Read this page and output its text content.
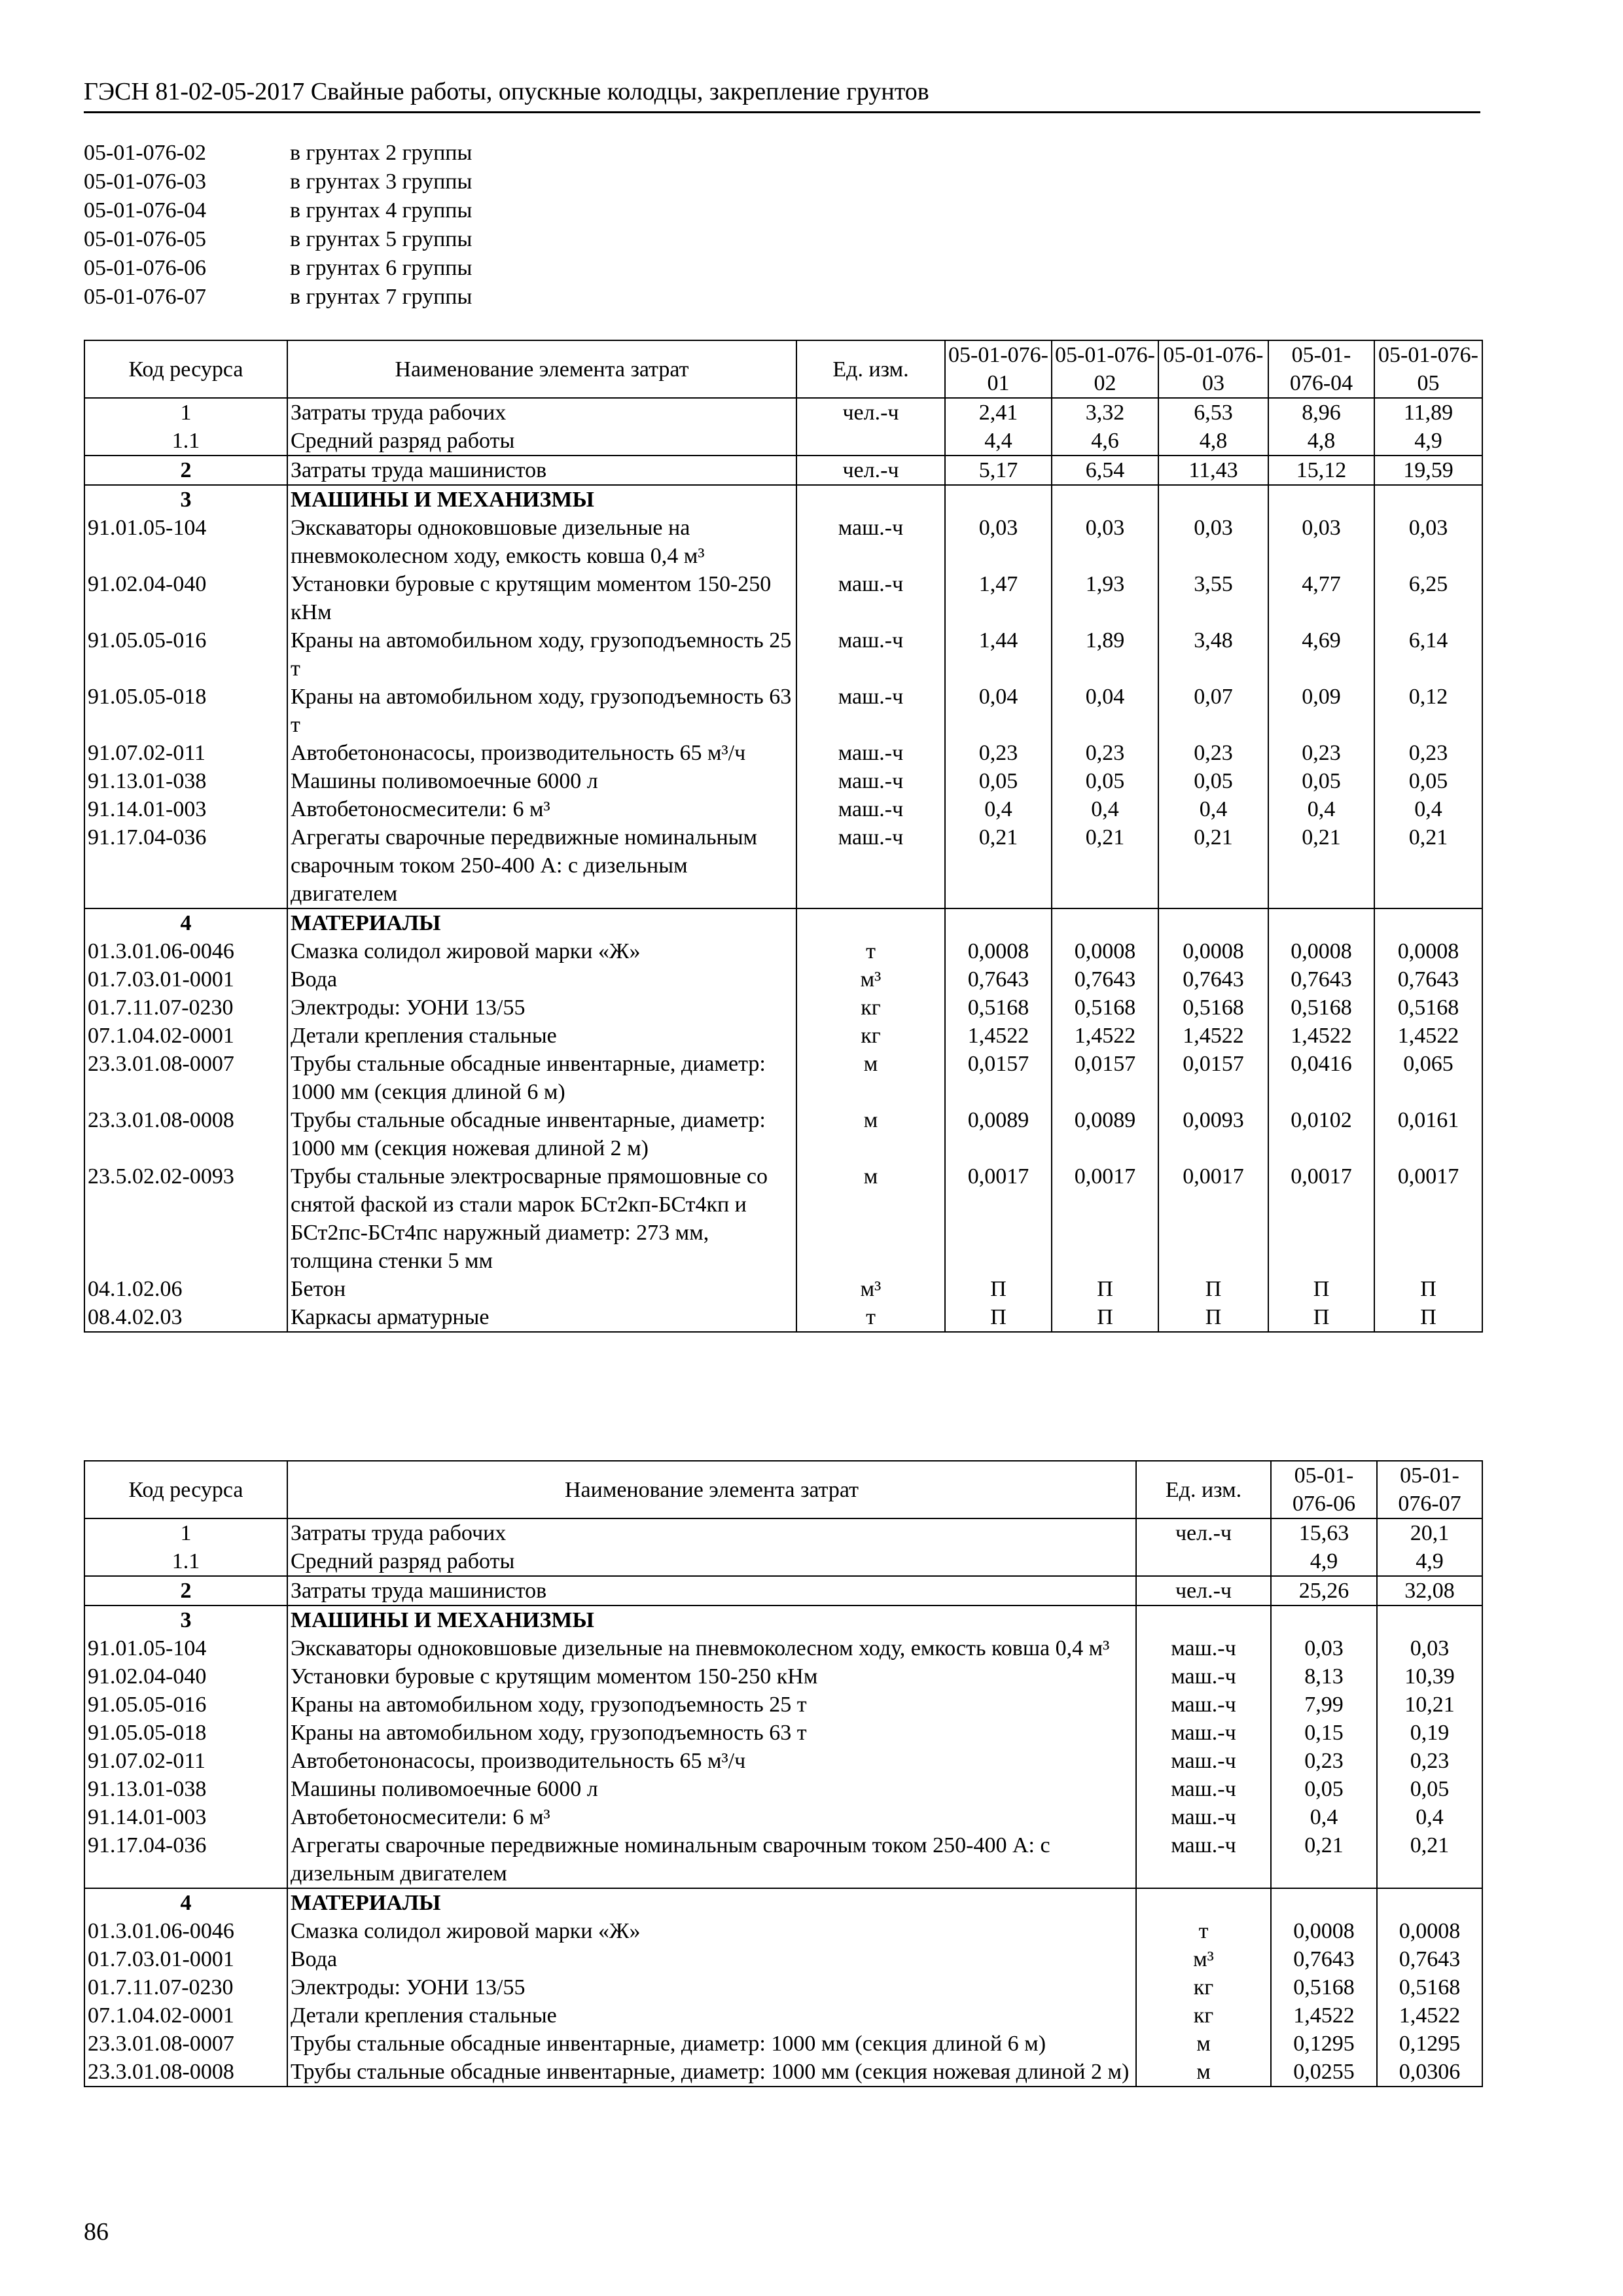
ГЭСН 81-02-05-2017 Свайные работы, опускные колодцы, закрепление грунтов
05-01-076-02	в грунтах 2 группы
05-01-076-03	в грунтах 3 группы
05-01-076-04	в грунтах 4 группы
05-01-076-05	в грунтах 5 группы
05-01-076-06	в грунтах 6 группы
05-01-076-07	в грунтах 7 группы
Код ресурса	Наименование элемента затрат	Ед. изм.	05-01-076-01	05-01-076-02	05-01-076-03	05-01-076-04	05-01-076-05
1	Затраты труда рабочих	чел.-ч	2,41	3,32	6,53	8,96	11,89
1.1	Средний разряд работы		4,4	4,6	4,8	4,8	4,9
2	Затраты труда машинистов	чел.-ч	5,17	6,54	11,43	15,12	19,59
3	МАШИНЫ И МЕХАНИЗМЫ						
91.01.05-104	Экскаваторы одноковшовые дизельные на пневмоколесном ходу, емкость ковша 0,4 м³	маш.-ч	0,03	0,03	0,03	0,03	0,03
91.02.04-040	Установки буровые с крутящим моментом 150-250 кНм	маш.-ч	1,47	1,93	3,55	4,77	6,25
91.05.05-016	Краны на автомобильном ходу, грузоподъемность 25 т	маш.-ч	1,44	1,89	3,48	4,69	6,14
91.05.05-018	Краны на автомобильном ходу, грузоподъемность 63 т	маш.-ч	0,04	0,04	0,07	0,09	0,12
91.07.02-011	Автобетононасосы, производительность 65 м³/ч	маш.-ч	0,23	0,23	0,23	0,23	0,23
91.13.01-038	Машины поливомоечные 6000 л	маш.-ч	0,05	0,05	0,05	0,05	0,05
91.14.01-003	Автобетоносмесители: 6 м³	маш.-ч	0,4	0,4	0,4	0,4	0,4
91.17.04-036	Агрегаты сварочные передвижные номинальным сварочным током 250-400 А: с дизельным двигателем	маш.-ч	0,21	0,21	0,21	0,21	0,21
4	МАТЕРИАЛЫ						
01.3.01.06-0046	Смазка солидол жировой марки «Ж»	т	0,0008	0,0008	0,0008	0,0008	0,0008
01.7.03.01-0001	Вода	м³	0,7643	0,7643	0,7643	0,7643	0,7643
01.7.11.07-0230	Электроды: УОНИ 13/55	кг	0,5168	0,5168	0,5168	0,5168	0,5168
07.1.04.02-0001	Детали крепления стальные	кг	1,4522	1,4522	1,4522	1,4522	1,4522
23.3.01.08-0007	Трубы стальные обсадные инвентарные, диаметр: 1000 мм (секция длиной 6 м)	м	0,0157	0,0157	0,0157	0,0416	0,065
23.3.01.08-0008	Трубы стальные обсадные инвентарные, диаметр: 1000 мм (секция ножевая длиной 2 м)	м	0,0089	0,0089	0,0093	0,0102	0,0161
23.5.02.02-0093	Трубы стальные электросварные прямошовные со снятой фаской из стали марок БСт2кп-БСт4кп и БСт2пс-БСт4пс наружный диаметр: 273 мм, толщина стенки 5 мм	м	0,0017	0,0017	0,0017	0,0017	0,0017
04.1.02.06	Бетон	м³	П	П	П	П	П
08.4.02.03	Каркасы арматурные	т	П	П	П	П	П
Код ресурса	Наименование элемента затрат	Ед. изм.	05-01-076-06	05-01-076-07
1	Затраты труда рабочих	чел.-ч	15,63	20,1
1.1	Средний разряд работы		4,9	4,9
2	Затраты труда машинистов	чел.-ч	25,26	32,08
3	МАШИНЫ И МЕХАНИЗМЫ			
91.01.05-104	Экскаваторы одноковшовые дизельные на пневмоколесном ходу, емкость ковша 0,4 м³	маш.-ч	0,03	0,03
91.02.04-040	Установки буровые с крутящим моментом 150-250 кНм	маш.-ч	8,13	10,39
91.05.05-016	Краны на автомобильном ходу, грузоподъемность 25 т	маш.-ч	7,99	10,21
91.05.05-018	Краны на автомобильном ходу, грузоподъемность 63 т	маш.-ч	0,15	0,19
91.07.02-011	Автобетононасосы, производительность 65 м³/ч	маш.-ч	0,23	0,23
91.13.01-038	Машины поливомоечные 6000 л	маш.-ч	0,05	0,05
91.14.01-003	Автобетоносмесители: 6 м³	маш.-ч	0,4	0,4
91.17.04-036	Агрегаты сварочные передвижные номинальным сварочным током 250-400 А: с дизельным двигателем	маш.-ч	0,21	0,21
4	МАТЕРИАЛЫ			
01.3.01.06-0046	Смазка солидол жировой марки «Ж»	т	0,0008	0,0008
01.7.03.01-0001	Вода	м³	0,7643	0,7643
01.7.11.07-0230	Электроды: УОНИ 13/55	кг	0,5168	0,5168
07.1.04.02-0001	Детали крепления стальные	кг	1,4522	1,4522
23.3.01.08-0007	Трубы стальные обсадные инвентарные, диаметр: 1000 мм (секция длиной 6 м)	м	0,1295	0,1295
23.3.01.08-0008	Трубы стальные обсадные инвентарные, диаметр: 1000 мм (секция ножевая длиной 2 м)	м	0,0255	0,0306
86
